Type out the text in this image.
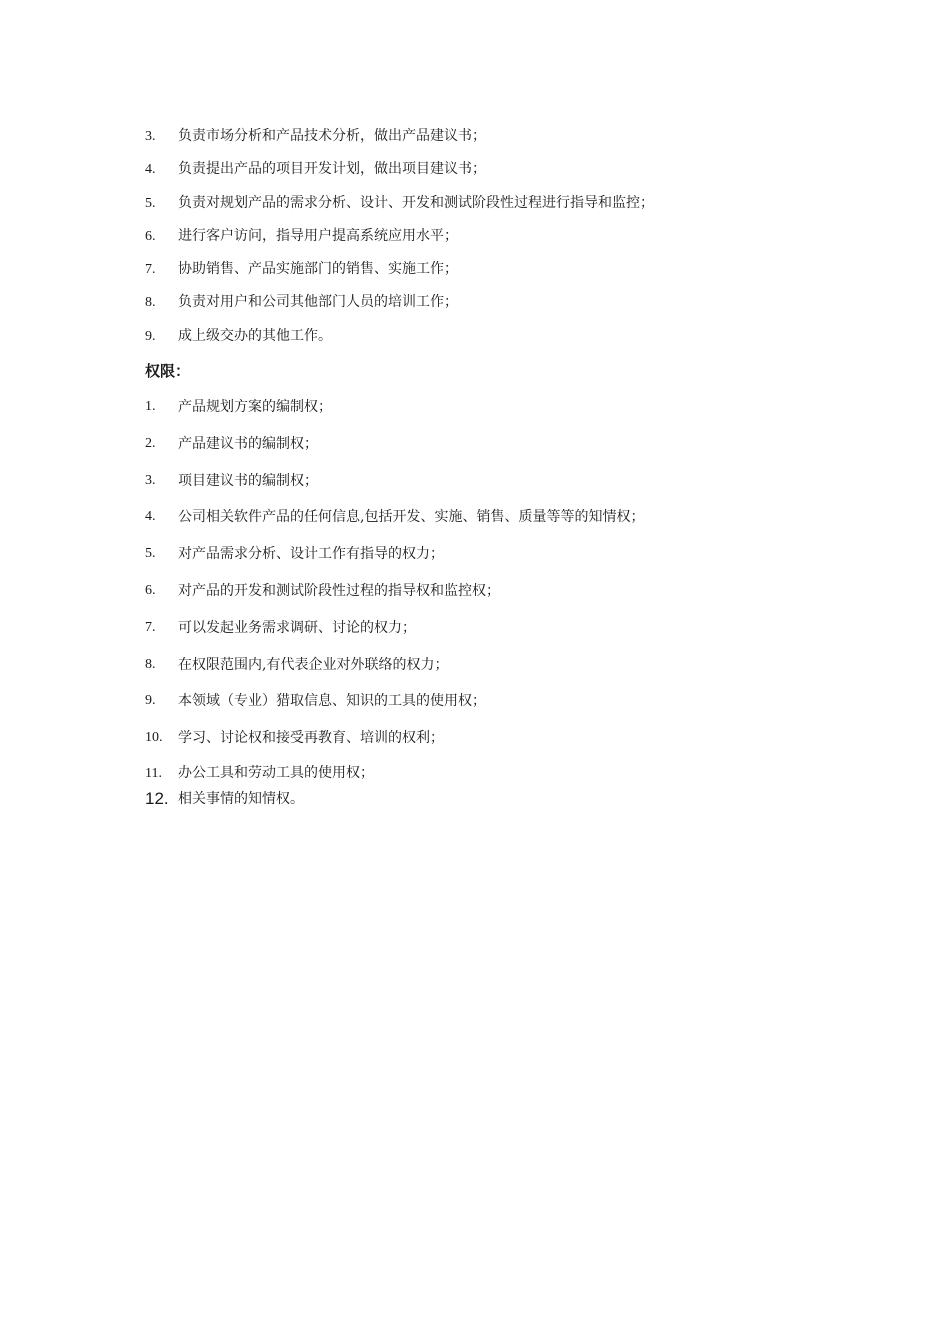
3. 负责市场分析和产品技术分析，做出产品建议书；
4. 负责提出产品的项目开发计划，做出项目建议书；
5. 负责对规划产品的需求分析、设计、开发和测试阶段性过程进行指导和监控；
6. 进行客户访问，指导用户提高系统应用水平；
7. 协助销售、产品实施部门的销售、实施工作；
8. 负责对用户和公司其他部门人员的培训工作；
9. 成上级交办的其他工作。
权限：
1. 产品规划方案的编制权；
2. 产品建议书的编制权；
3. 项目建议书的编制权；
4. 公司相关软件产品的任何信息,包括开发、实施、销售、质量等等的知情权；
5. 对产品需求分析、设计工作有指导的权力；
6. 对产品的开发和测试阶段性过程的指导权和监控权；
7. 可以发起业务需求调研、讨论的权力；
8. 在权限范围内,有代表企业对外联络的权力；
9. 本领域（专业）猎取信息、知识的工具的使用权；
10. 学习、讨论权和接受再教育、培训的权利；
11. 办公工具和劳动工具的使用权；
12. 相关事情的知情权。
